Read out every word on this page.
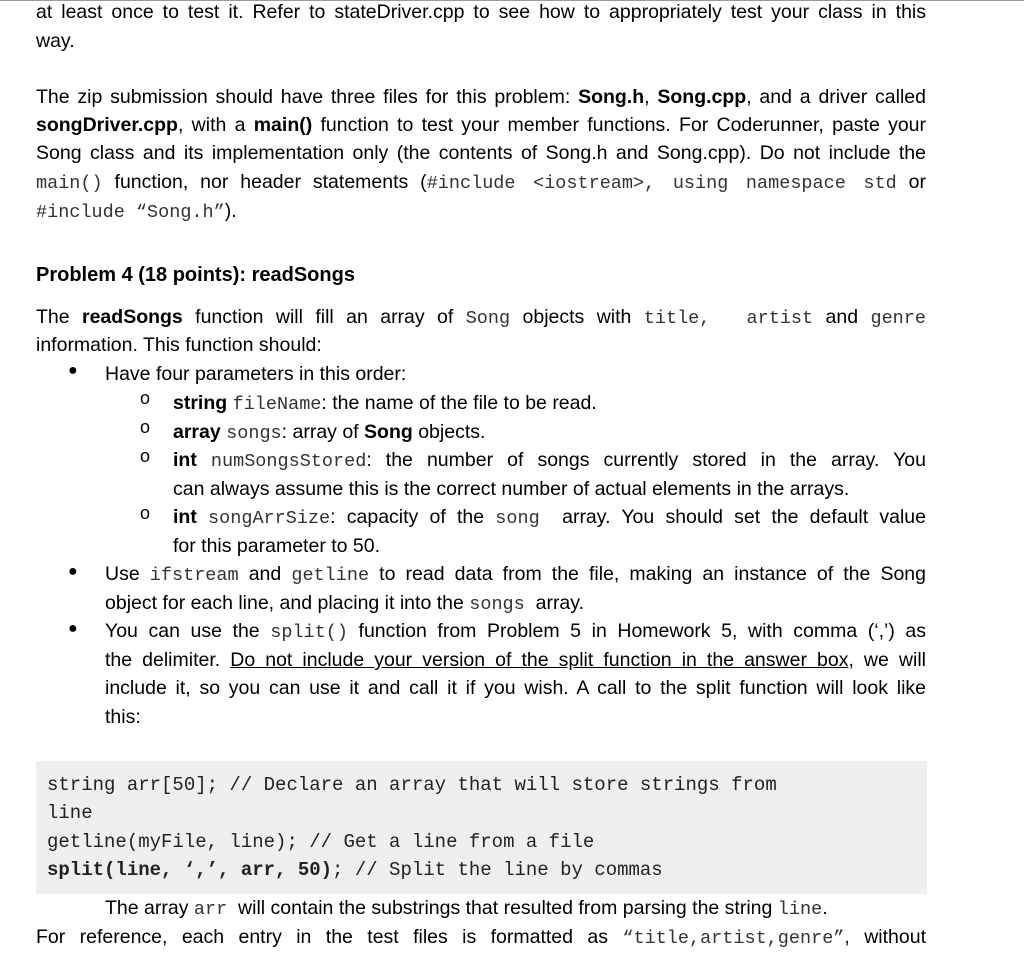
at least once to test it. Refer to stateDriver.cpp to see how to appropriately test your class in this
way.
The zip submission should have three files for this problem: Song.h, Song.cpp, and a driver called
songDriver.cpp, with a main() function to test your member functions. For Coderunner, paste your
Song class and its implementation only (the contents of Song.h and Song.cpp). Do not include the
main() function, nor header statements (#include <iostream>, using namespace std or
#include “Song.h”).
Problem 4 (18 points): readSongs
The readSongs function will fill an array of Song objects with title,  artist and genre
information. This function should:
● Have four parameters in this order:
o string fileName: the name of the file to be read.
o array songs: array of Song objects.
o int numSongsStored: the number of songs currently stored in the array. You
can always assume this is the correct number of actual elements in the arrays.
o int songArrSize: capacity of the song  array. You should set the default value
for this parameter to 50.
● Use ifstream and getline to read data from the file, making an instance of the Song
object for each line, and placing it into the songs  array.
● You can use the split() function from Problem 5 in Homework 5, with comma (‘,’) as
the delimiter. Do not include your version of the split function in the answer box, we will
include it, so you can use it and call it if you wish. A call to the split function will look like
this:
string arr[50]; // Declare an array that will store strings from
line
getline(myFile, line); // Get a line from a file
split(line, ‘,’, arr, 50); // Split the line by commas
The array arr  will contain the substrings that resulted from parsing the string line.
For reference, each entry in the test files is formatted as “title,artist,genre”, without
